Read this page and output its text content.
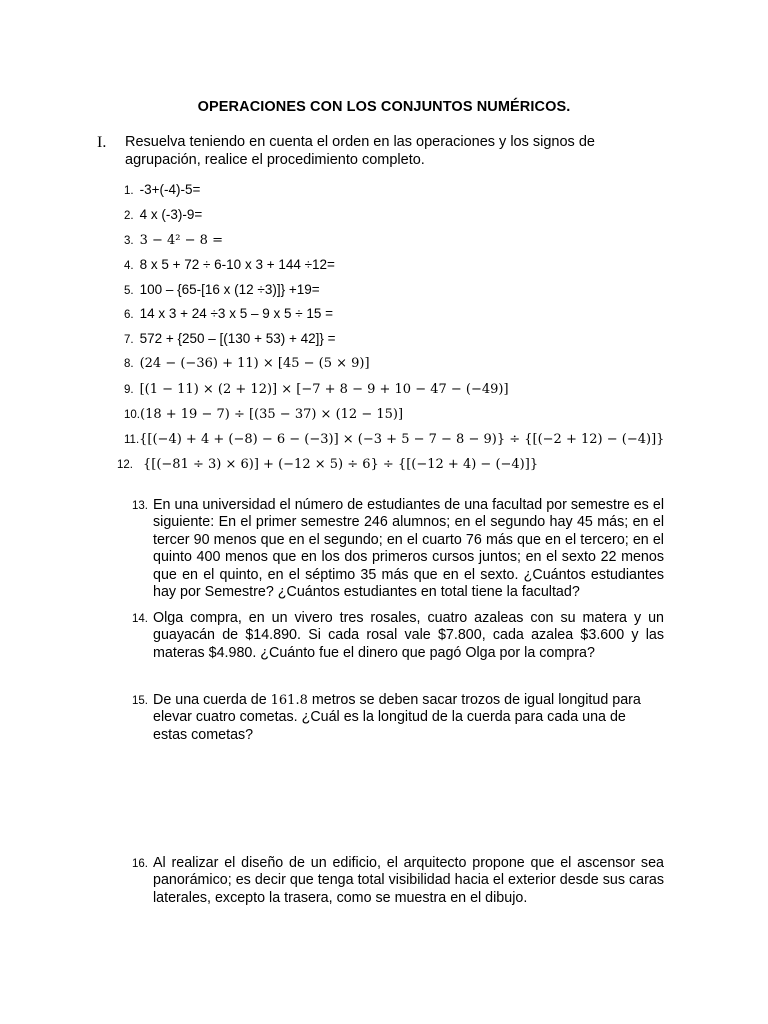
OPERACIONES CON LOS CONJUNTOS NUMÉRICOS.
I. Resuelva teniendo en cuenta el orden en las operaciones y los signos de agrupación, realice el procedimiento completo.
1. -3+(-4)-5=
2. 4 x (-3)-9=
3. 3 − 4² − 8 =
4. 8 x 5 + 72 ÷ 6-10 x 3 + 144 ÷12=
5. 100 – {65-[16 x (12 ÷3)]} +19=
6. 14 x 3 + 24 ÷3 x 5 – 9 x 5 ÷ 15 =
7. 572 + {250 – [(130 + 53) + 42]} =
8. (24 − (−36) + 11) × [45 − (5 × 9)]
9. [(1 − 11) × (2 + 12)] × [−7 + 8 − 9 + 10 − 47 − (−49)]
10.(18 + 19 − 7) ÷ [(35 − 37) × (12 − 15)]
11.{[(−4) + 4 + (−8) − 6 − (−3)] × (−3 + 5 − 7 − 8 − 9)} ÷ {[(−2 + 12) − (−4)]}
12. {[(−81 ÷ 3) × 6)] + (−12 × 5) ÷ 6} ÷ {[(−12 + 4) − (−4)]}
13. En una universidad el número de estudiantes de una facultad por semestre es el siguiente: En el primer semestre 246 alumnos; en el segundo hay 45 más; en el tercer 90 menos que en el segundo; en el cuarto 76 más que en el tercero; en el quinto 400 menos que en los dos primeros cursos juntos; en el sexto 22 menos que en el quinto, en el séptimo 35 más que en el sexto. ¿Cuántos estudiantes hay por Semestre? ¿Cuántos estudiantes en total tiene la facultad?
14. Olga compra, en un vivero tres rosales, cuatro azaleas con su matera y un guayacán de $14.890. Si cada rosal vale $7.800, cada azalea $3.600 y las materas $4.980. ¿Cuánto fue el dinero que pagó Olga por la compra?
15. De una cuerda de 161.8 metros se deben sacar trozos de igual longitud para elevar cuatro cometas. ¿Cuál es la longitud de la cuerda para cada una de estas cometas?
16. Al realizar el diseño de un edificio, el arquitecto propone que el ascensor sea panorámico; es decir que tenga total visibilidad hacia el exterior desde sus caras laterales, excepto la trasera, como se muestra en el dibujo.
